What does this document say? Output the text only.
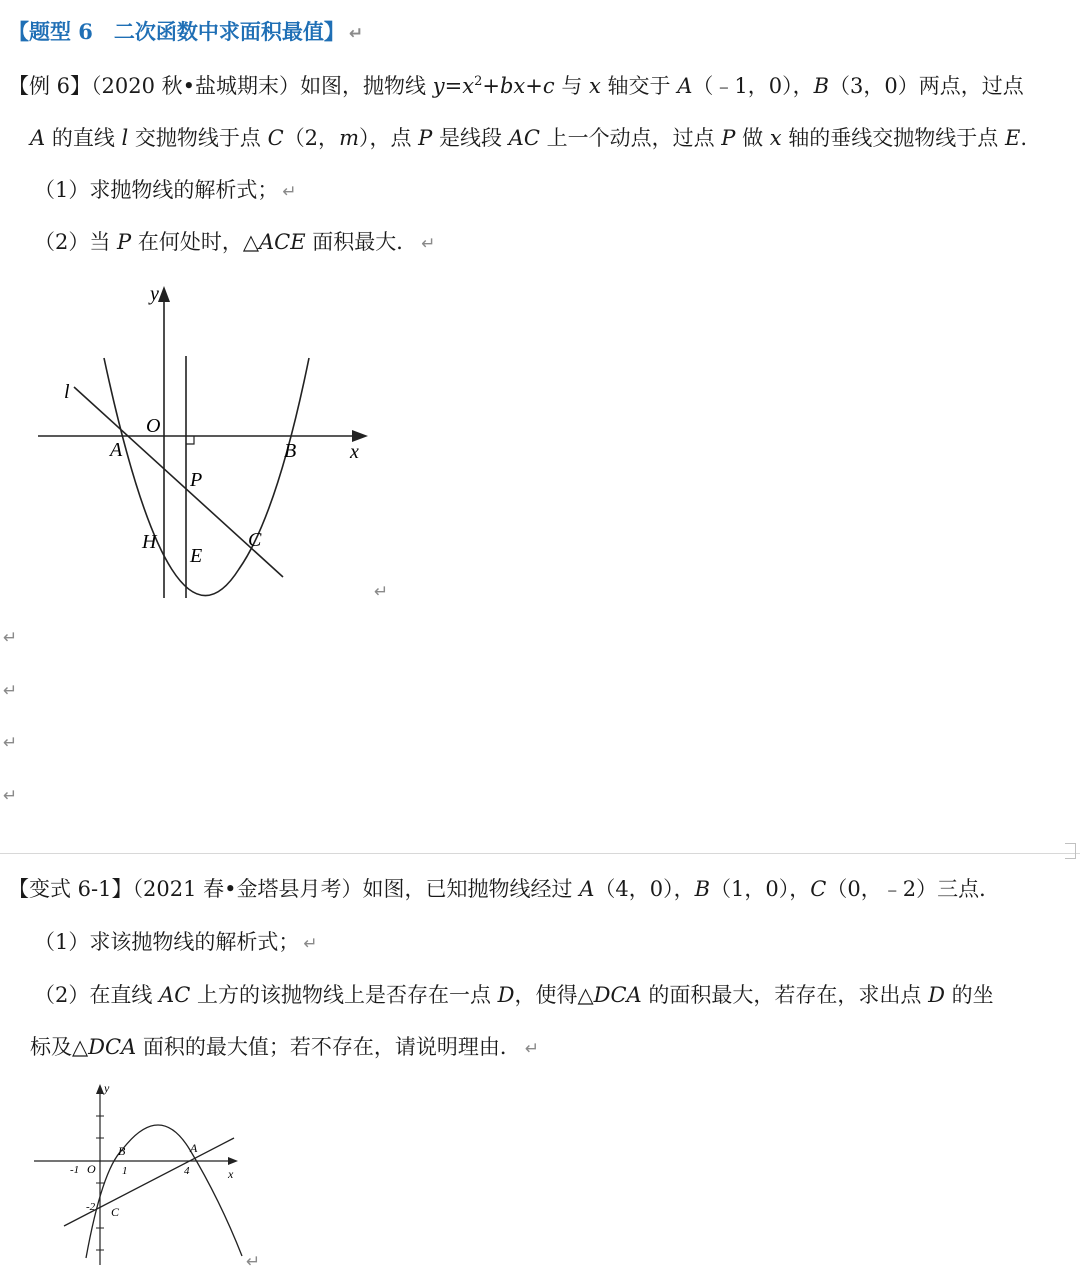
【题型 6　二次函数中求面积最值】 ↵
【例 6】（2020 秋•盐城期末）如图，抛物线 $y=x^2+bx+c$ 与 x 轴交于 A（﹣1，0），B（3，0）两点，过点
A 的直线 l 交抛物线于点 C（2，m），点 P 是线段 AC 上一个动点，过点 P 做 x 轴的垂线交抛物线于点 E.
（1）求抛物线的解析式； ↵
（2）当 P 在何处时，△ACE 面积最大． ↵
y
x
l
O
A	B
P
H
E
C
↵
↵
↵
↵
↵
【变式 6-1】（2021 春•金塔县月考）如图，已知抛物线经过 A（4，0），B（1，0），C（0，﹣2）三点．
（1）求该抛物线的解析式； ↵
（2）在直线 AC 上方的该抛物线上是否存在一点 D，使得△DCA 的面积最大，若存在，求出点 D 的坐
标及△DCA 面积的最大值；若不存在，请说明理由． ↵
y
x
B	A
C
O
-1	1	4
-2
↵
